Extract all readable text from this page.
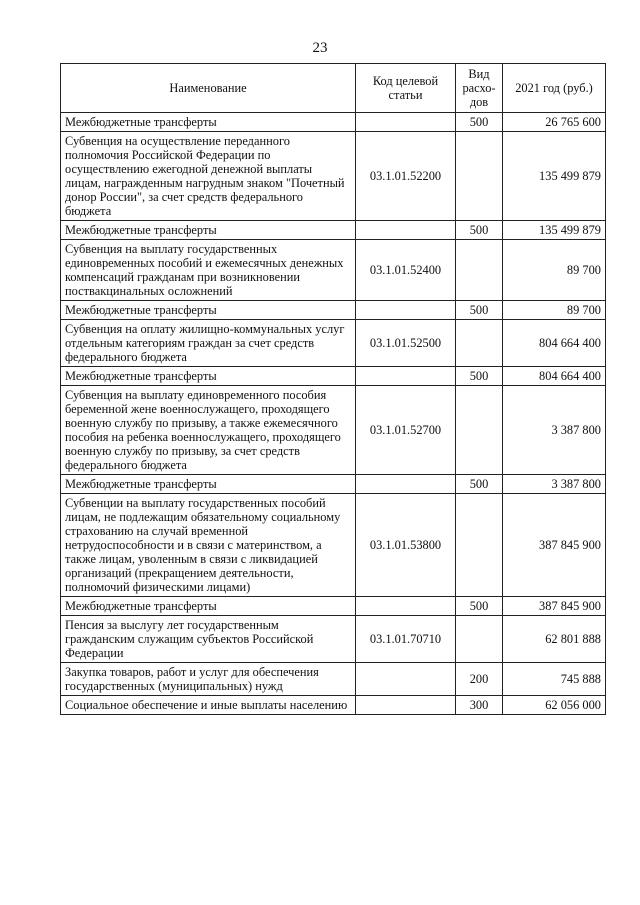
23
Наименование	Код целевой статьи	Вид расхо-дов	2021 год (руб.)
Межбюджетные трансферты		500	26 765 600
Субвенция на осуществление переданного полномочия Российской Федерации по осуществлению ежегодной денежной выплаты лицам, награжденным нагрудным знаком "Почетный донор России", за счет средств федерального бюджета	03.1.01.52200		135 499 879
Межбюджетные трансферты		500	135 499 879
Субвенция на выплату государственных единовременных пособий и ежемесячных денежных компенсаций гражданам при возникновении поствакцинальных осложнений	03.1.01.52400		89 700
Межбюджетные трансферты		500	89 700
Субвенция на оплату жилищно-коммунальных услуг отдельным категориям граждан за счет средств федерального бюджета	03.1.01.52500		804 664 400
Межбюджетные трансферты		500	804 664 400
Субвенция на выплату единовременного пособия беременной жене военнослужащего, проходящего военную службу по призыву, а также ежемесячного пособия на ребенка военнослужащего, проходящего военную службу по призыву, за счет средств федерального бюджета	03.1.01.52700		3 387 800
Межбюджетные трансферты		500	3 387 800
Субвенции на выплату государственных пособий лицам, не подлежащим обязательному социальному страхованию на случай временной нетрудоспособности и в связи с материнством, а также лицам, уволенным в связи с ликвидацией организаций (прекращением деятельности, полномочий физическими лицами)	03.1.01.53800		387 845 900
Межбюджетные трансферты		500	387 845 900
Пенсия за выслугу лет государственным гражданским служащим субъектов Российской Федерации	03.1.01.70710		62 801 888
Закупка товаров, работ и услуг для обеспечения государственных (муниципальных) нужд		200	745 888
Социальное обеспечение и иные выплаты населению		300	62 056 000
